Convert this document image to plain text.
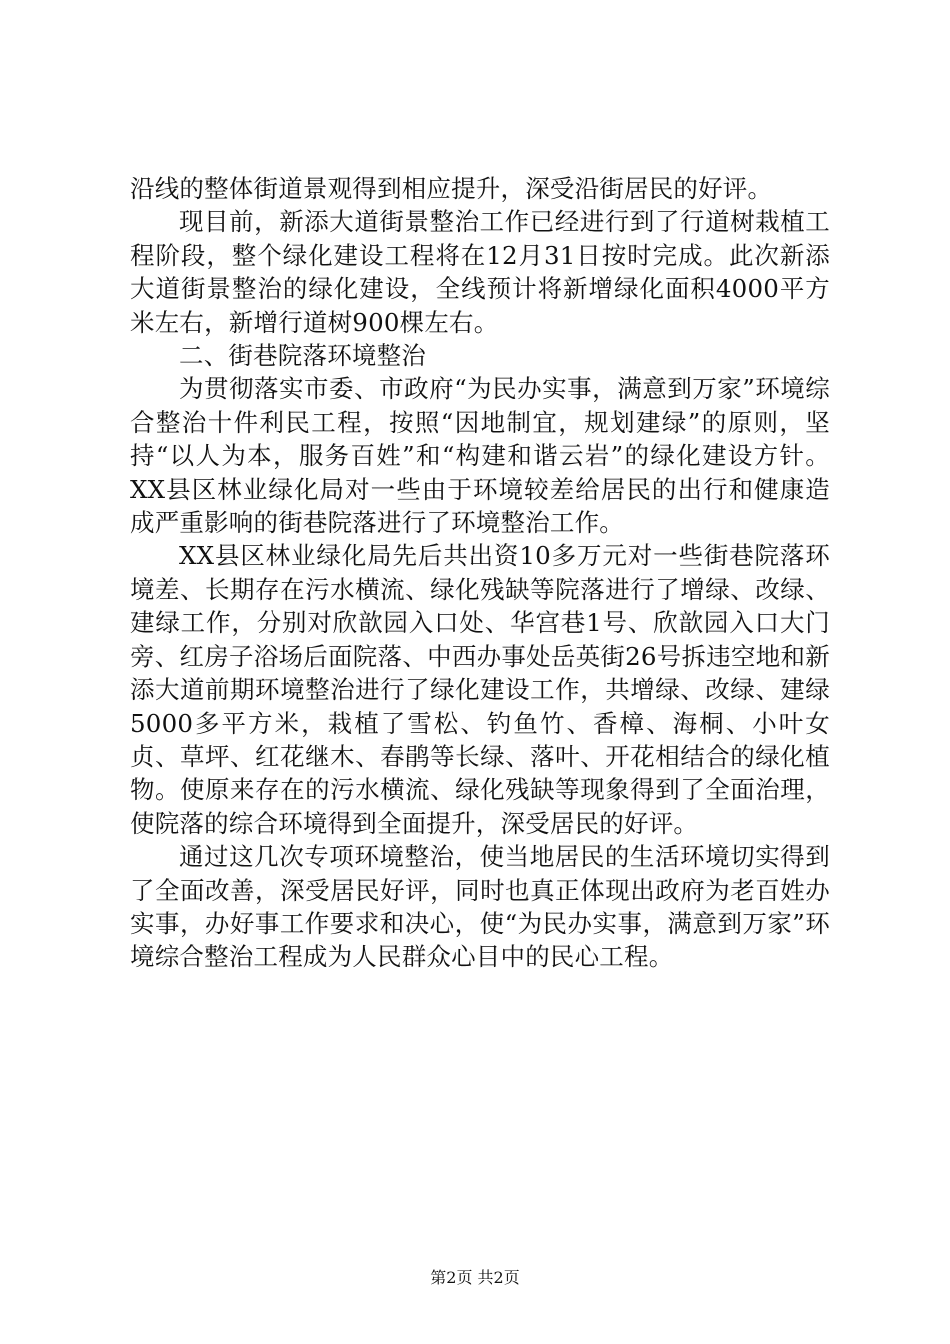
沿线的整体街道景观得到相应提升，深受沿街居民的好评。

现目前，新添大道街景整治工作已经进行到了行道树栽植工程阶段，整个绿化建设工程将在12月31日按时完成。此次新添大道街景整治的绿化建设，全线预计将新增绿化面积4000平方米左右，新增行道树900棵左右。

二、街巷院落环境整治

为贯彻落实市委、市政府“为民办实事，满意到万家”环境综合整治十件利民工程，按照“因地制宜，规划建绿”的原则，坚持“以人为本，服务百姓”和“构建和谐云岩”的绿化建设方针。XX县区林业绿化局对一些由于环境较差给居民的出行和健康造成严重影响的街巷院落进行了环境整治工作。

XX县区林业绿化局先后共出资10多万元对一些街巷院落环境差、长期存在污水横流、绿化残缺等院落进行了增绿、改绿、建绿工作，分别对欣歆园入口处、华宫巷1号、欣歆园入口大门旁、红房子浴场后面院落、中西办事处岳英街26号拆违空地和新添大道前期环境整治进行了绿化建设工作，共增绿、改绿、建绿5000多平方米，栽植了雪松、钓鱼竹、香樟、海桐、小叶女贞、草坪、红花继木、春鹃等长绿、落叶、开花相结合的绿化植物。使原来存在的污水横流、绿化残缺等现象得到了全面治理，使院落的综合环境得到全面提升，深受居民的好评。

通过这几次专项环境整治，使当地居民的生活环境切实得到了全面改善，深受居民好评，同时也真正体现出政府为老百姓办实事，办好事工作要求和决心，使“为民办实事，满意到万家”环境综合整治工程成为人民群众心目中的民心工程。

第2页 共2页
